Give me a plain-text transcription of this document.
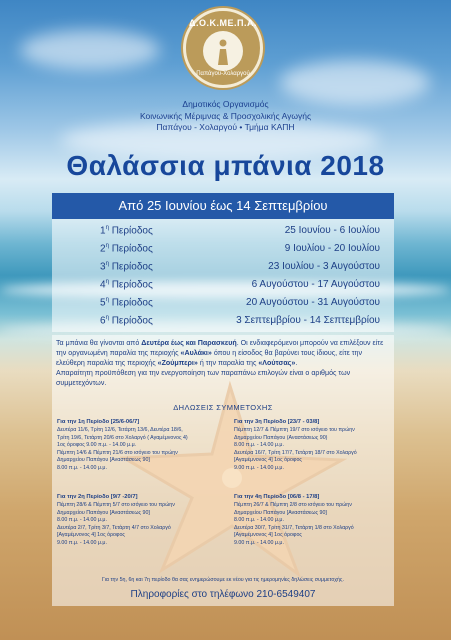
Δ.Ο.Κ.ΜΕ.Π.Α.
Παπάγου-Χολαργού
Δημοτικός Οργανισμός
Κοινωνικής Μέριμνας & Προσχολικής Αγωγής
Παπάγου - Χολαργού • Τμήμα ΚΑΠΗ
Θαλάσσια μπάνια 2018
Από 25 Ιουνίου έως 14 Σεπτεμβρίου
$1^\eta$ Περίοδος	25 Ιουνίου - 6 Ιουλίου
$2^\eta$ Περίοδος	9 Ιουλίου - 20 Ιουλίου
$3^\eta$ Περίοδος	23 Ιουλίου - 3 Αυγούστου
$4^\eta$ Περίοδος	6 Αυγούστου - 17 Αυγούστου
$5^\eta$ Περίοδος	20 Αυγούστου - 31 Αυγούστου
$6^\eta$ Περίοδος	3 Σεπτεμβρίου - 14 Σεπτεμβρίου

Τα μπάνια θα γίνονται από Δευτέρα έως και Παρασκευή. Οι ενδιαφερόμενοι μπορούν να επιλέξουν είτε την οργανωμένη παραλία της περιοχής «Αυλάκι» όπου η είσοδος θα βαρύνει τους ίδιους, είτε την ελεύθερη παραλία της περιοχής «Ζούμπερι» ή την παραλία της «Λούτσας».

Απαραίτητη προϋπόθεση για την ενεργοποίηση των παραπάνω επιλογών είναι ο αριθμός των συμμετεχόντων.

ΔΗΛΩΣΕΙΣ ΣΥΜΜΕΤΟΧΗΣ
Για την 1η Περίοδο [25/6-06/7]
Δευτέρα 11/6, Τρίτη 12/6, Τετάρτη 13/6, Δευτέρα 18/6,
Τρίτη 19/6, Τετάρτη 20/6 στο Χολαργό ( Αγαμέμνονος 4)
1ος όροφος 9.00 π.μ. - 14.00 μ.μ.
Πέμπτη 14/6 & Πέμπτη 21/6 στο ισόγειο του πρώην
Δημαρχείου Παπάγου [Αναστάσεως 90]
8.00 π.μ. - 14.00 μ.μ.
Για την 3η Περίοδο [23/7 - 03/8]
Πέμπτη 12/7 & Πέμπτη 19/7 στο ισόγειο του πρώην
Δημαρχείου Παπάγου (Αναστάσεως 90)
8.00 π.μ. - 14.00 μ.μ.
Δευτέρα 16/7, Τρίτη 17/7, Τετάρτη 18/7 στο Χολαργό
[Αγαμέμνονος 4] 1ος όροφος
9.00 π.μ. - 14.00 μ.μ.
Για την 2η Περίοδο [9/7 -20/7]
Πέμπτη 28/6 & Πέμπτη 5/7 στο ισόγειο του πρώην
Δημαρχείου Παπάγου [Αναστάσεως 90]
8.00 π.μ. - 14.00 μ.μ.
Δευτέρα 2/7, Τρίτη 3/7, Τετάρτη 4/7 στο Χολαργό
[Αγαμέμνονος 4] 1ος όροφος
9.00 π.μ. - 14.00 μ.μ.
Για την 4η Περίοδο [06/8 - 17/8]
Πέμπτη 26/7 & Πέμπτη 2/8 στο ισόγειο του πρώην
Δημαρχείου Παπάγου [Αναστάσεως 90]
8.00 π.μ. - 14.00 μ.μ.
Δευτέρα 30/7, Τρίτη 31/7, Τετάρτη 1/8 στο Χολαργό
[Αγαμέμνονος 4] 1ος όροφος
9.00 π.μ. - 14.00 μ.μ.
Για την 5η, 6η και 7η περίοδο θα σας ενημερώσουμε εκ νέου για τις ημερομηνίες δηλώσεις συμμετοχής.
Πληροφορίες στο τηλέφωνο 210-6549407
